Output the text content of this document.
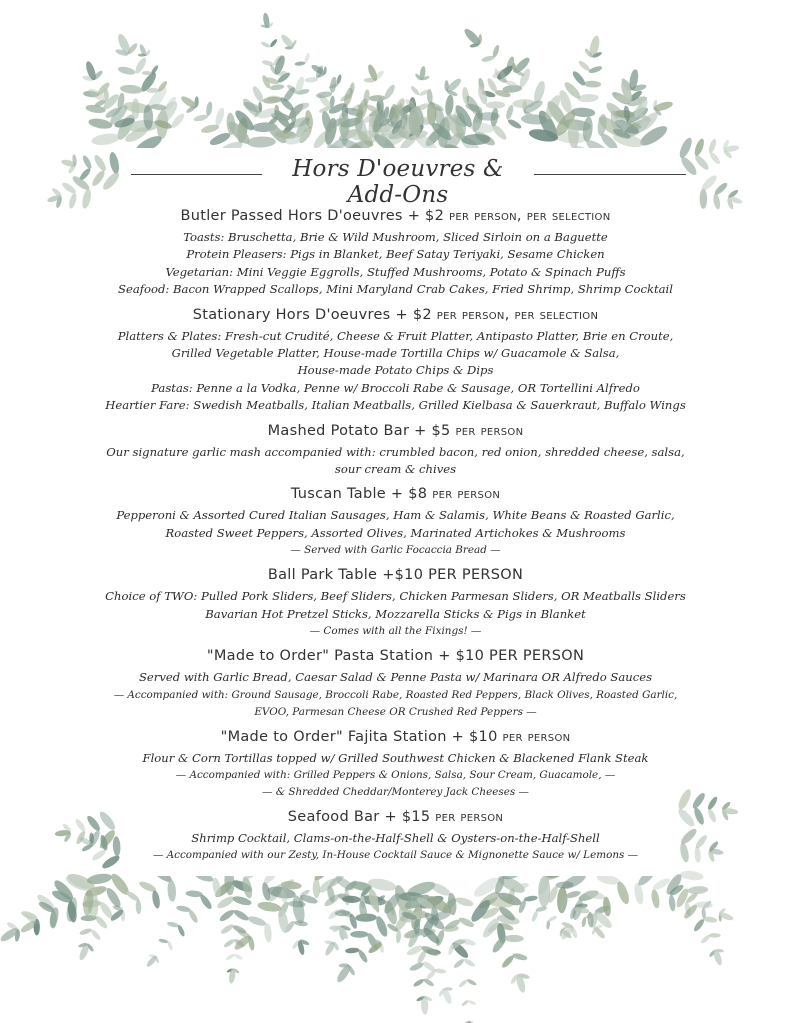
Hors D'oeuvres & Add-Ons
Butler Passed Hors D'oeuvres + $2 per person, per selection
Toasts: Bruschetta, Brie & Wild Mushroom, Sliced Sirloin on a Baguette
Protein Pleasers: Pigs in Blanket, Beef Satay Teriyaki, Sesame Chicken
Vegetarian: Mini Veggie Eggrolls, Stuffed Mushrooms, Potato & Spinach Puffs
Seafood: Bacon Wrapped Scallops, Mini Maryland Crab Cakes, Fried Shrimp, Shrimp Cocktail
Stationary Hors D'oeuvres + $2 per person, per selection
Platters & Plates: Fresh-cut Crudité, Cheese & Fruit Platter, Antipasto Platter, Brie en Croute,
Grilled Vegetable Platter, House-made Tortilla Chips w/ Guacamole & Salsa,
House-made Potato Chips & Dips
Pastas: Penne a la Vodka, Penne w/ Broccoli Rabe & Sausage, OR Tortellini Alfredo
Heartier Fare: Swedish Meatballs, Italian Meatballs, Grilled Kielbasa & Sauerkraut, Buffalo Wings
Mashed Potato Bar + $5 per person
Our signature garlic mash accompanied with: crumbled bacon, red onion, shredded cheese, salsa,
sour cream & chives
Tuscan Table + $8 per person
Pepperoni & Assorted Cured Italian Sausages, Ham & Salamis, White Beans & Roasted Garlic,
Roasted Sweet Peppers, Assorted Olives, Marinated Artichokes & Mushrooms
— Served with Garlic Focaccia Bread —
Ball Park Table +$10 PER PERSON
Choice of TWO: Pulled Pork Sliders, Beef Sliders, Chicken Parmesan Sliders, OR Meatballs Sliders
Bavarian Hot Pretzel Sticks, Mozzarella Sticks & Pigs in Blanket
— Comes with all the Fixings! —
"Made to Order" Pasta Station + $10 PER PERSON
Served with Garlic Bread, Caesar Salad & Penne Pasta w/ Marinara OR Alfredo Sauces
— Accompanied with: Ground Sausage, Broccoli Rabe, Roasted Red Peppers, Black Olives, Roasted Garlic,
EVOO, Parmesan Cheese OR Crushed Red Peppers —
"Made to Order" Fajita Station + $10 per person
Flour & Corn Tortillas topped w/ Grilled Southwest Chicken & Blackened Flank Steak
— Accompanied with: Grilled Peppers & Onions, Salsa, Sour Cream, Guacamole, —
— & Shredded Cheddar/Monterey Jack Cheeses —
Seafood Bar + $15 per person
Shrimp Cocktail, Clams-on-the-Half-Shell & Oysters-on-the-Half-Shell
— Accompanied with our Zesty, In-House Cocktail Sauce & Mignonette Sauce w/ Lemons —
